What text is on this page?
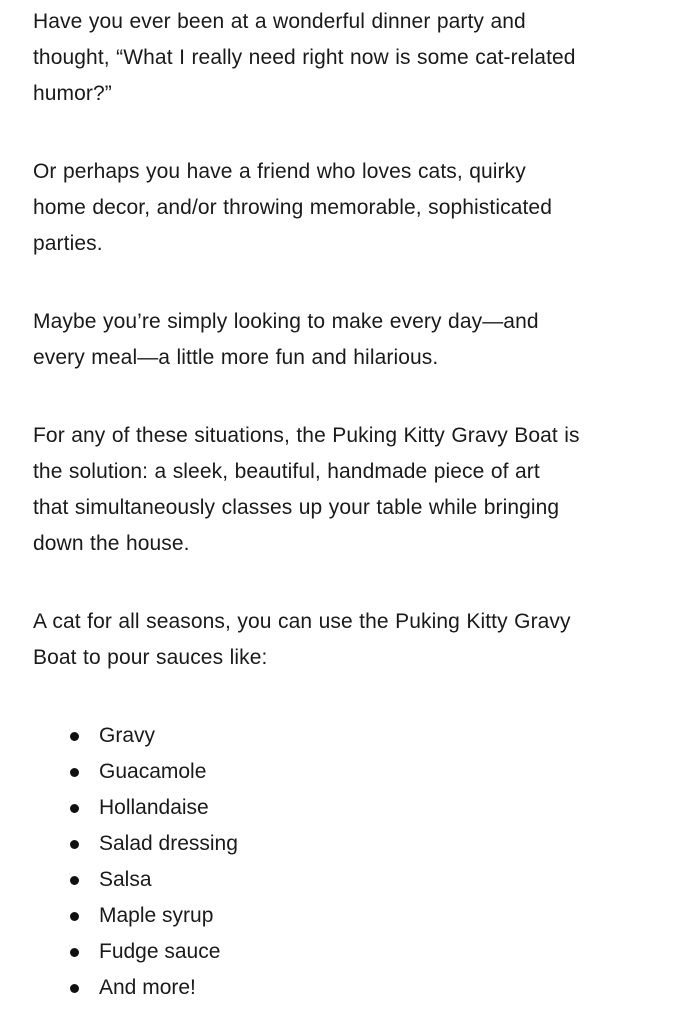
Have you ever been at a wonderful dinner party and
thought, “What I really need right now is some cat-related
humor?”

Or perhaps you have a friend who loves cats, quirky
home decor, and/or throwing memorable, sophisticated
parties.

Maybe you’re simply looking to make every day—and
every meal—a little more fun and hilarious.

For any of these situations, the Puking Kitty Gravy Boat is
the solution: a sleek, beautiful, handmade piece of art
that simultaneously classes up your table while bringing
down the house.

A cat for all seasons, you can use the Puking Kitty Gravy
Boat to pour sauces like:

Gravy
Guacamole
Hollandaise
Salad dressing
Salsa
Maple syrup
Fudge sauce
And more!
